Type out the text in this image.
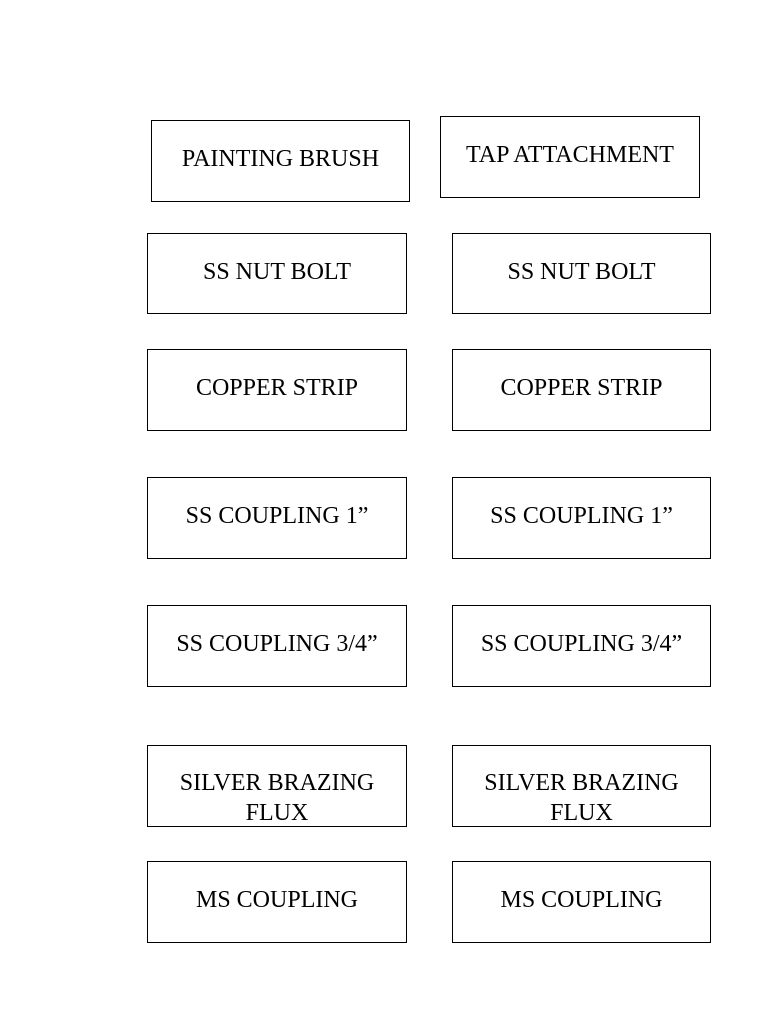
PAINTING BRUSH	TAP ATTACHMENT
SS NUT BOLT	SS NUT BOLT
COPPER STRIP	COPPER STRIP
SS COUPLING 1”	SS COUPLING 1”
SS COUPLING 3/4”	SS COUPLING 3/4”
SILVER BRAZING
FLUX
SILVER BRAZING
FLUX
MS COUPLING	MS COUPLING
